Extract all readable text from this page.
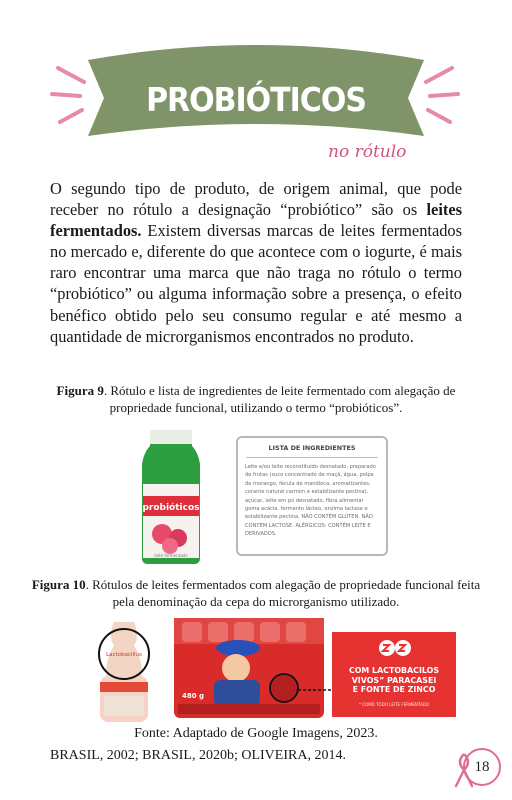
PROBIÓTICOS
no rótulo

O segundo tipo de produto, de origem animal, que pode receber no rótulo a designação “probiótico” são os leites fermentados. Existem diversas marcas de leites fermentados no mercado e, diferente do que acontece com o iogurte, é mais raro encontrar uma marca que não traga no rótulo o termo “probiótico” ou alguma informação sobre a presença, o efeito benéfico obtido pelo seu consumo regular e até mesmo a quantidade de microrganismos encontrados no produto.

Figura 9. Rótulo e lista de ingredientes de leite fermentado com alegação de propriedade funcional, utilizando o termo “probióticos”.

probióticos
leite fermentado
LISTA DE INGREDIENTES
Leite e/ou leite reconstituído desnatado, preparado de frutas (suco concentrado de maçã, água, polpa de morango, fécula de mandioca, aromatizantes, corante natural carmim e estabilizante pectina), açúcar, leite em pó desnatado, fibra alimentar goma acácia, fermento lácteo, enzima lactase e estabilizante pectina. NÃO CONTÉM GLÚTEN. NÃO CONTÉM LACTOSE. ALÉRGICOS: CONTÉM LEITE E DERIVADOS.

Figura 10. Rótulos de leites fermentados com alegação de propriedade funcional feita pela denominação da cepa do microrganismo utilizado.

Lactobacillus
480 g
COM LACTOBACILOS
VIVOS” PARACASEI
E FONTE DE ZINCO
* COMO TODO LEITE FERMENTADO
Fonte: Adaptado de Google Imagens, 2023.
BRASIL, 2002; BRASIL, 2020b; OLIVEIRA, 2014.
18
